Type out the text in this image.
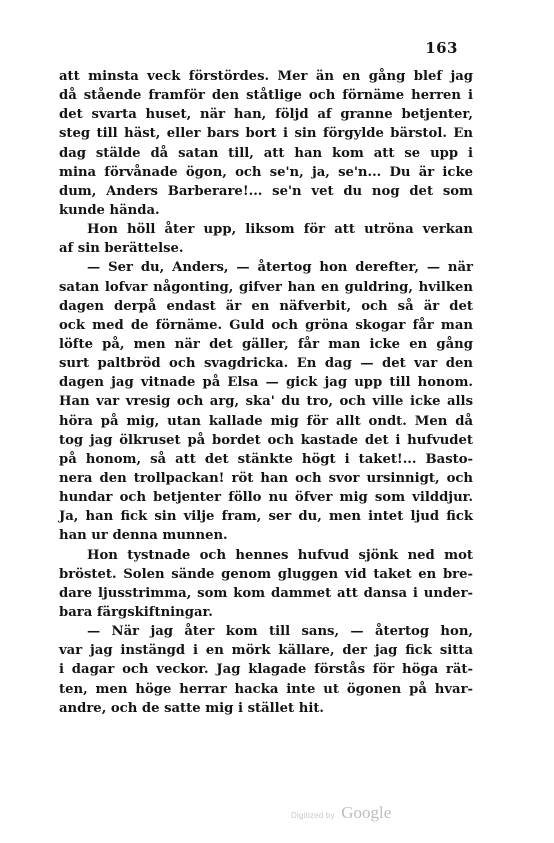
163
att minsta veck förstördes. Mer än en gång blef jag
då stående framför den ståtlige och förnäme herren i
det svarta huset, när han, följd af granne betjenter,
steg till häst, eller bars bort i sin förgylde bärstol. En
dag stälde då satan till, att han kom att se upp i
mina förvånade ögon, och se'n, ja, se'n... Du är icke
dum, Anders Barberare!... se'n vet du nog det som
kunde hända.
Hon höll åter upp, liksom för att utröna verkan
af sin berättelse.
— Ser du, Anders, — återtog hon derefter, — när
satan lofvar någonting, gifver han en guldring, hvilken
dagen derpå endast är en näfverbit, och så är det
ock med de förnäme. Guld och gröna skogar får man
löfte på, men när det gäller, får man icke en gång
surt paltbröd och svagdricka. En dag — det var den
dagen jag vitnade på Elsa — gick jag upp till honom.
Han var vresig och arg, ska' du tro, och ville icke alls
höra på mig, utan kallade mig för allt ondt. Men då
tog jag ölkruset på bordet och kastade det i hufvudet
på honom, så att det stänkte högt i taket!... Basto-
nera den trollpackan! röt han och svor ursinnigt, och
hundar och betjenter föllo nu öfver mig som vilddjur.
Ja, han fick sin vilje fram, ser du, men intet ljud fick
han ur denna munnen.
Hon tystnade och hennes hufvud sjönk ned mot
bröstet. Solen sände genom gluggen vid taket en bre-
dare ljusstrimma, som kom dammet att dansa i under-
bara färgskiftningar.
— När jag åter kom till sans, — återtog hon,
var jag instängd i en mörk källare, der jag fick sitta
i dagar och veckor. Jag klagade förstås för höga rät-
ten, men höge herrar hacka inte ut ögonen på hvar-
andre, och de satte mig i stället hit.
Digitized by Google
